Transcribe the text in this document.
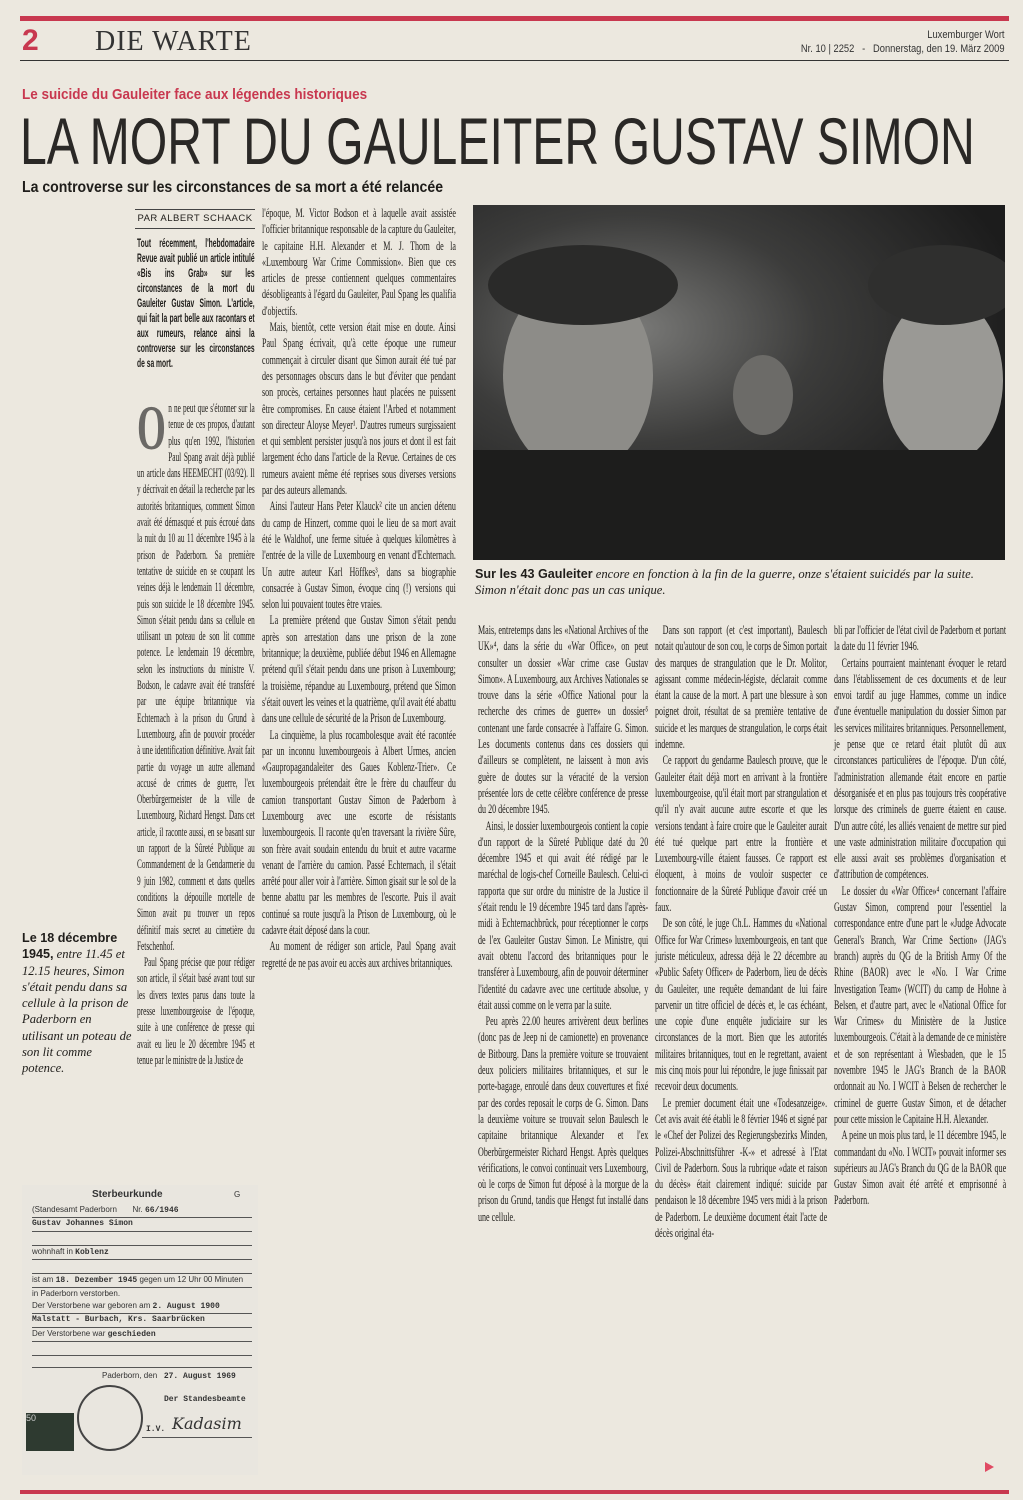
2 DIE WARTE	Luxemburger Wort
Nr. 10 | 2252 - Donnerstag, den 19. März 2009
Le suicide du Gauleiter face aux légendes historiques
LA MORT DU GAULEITER GUSTAV SIMON
La controverse sur les circonstances de sa mort a été relancée
PAR ALBERT SCHAACK
Tout récemment, l'hebdomadaire Revue avait publié un article intitulé «Bis ins Grab» sur les circonstances de la mort du Gauleiter Gustav Simon. L'article, qui fait la part belle aux racontars et aux rumeurs, relance ainsi la controverse sur les circonstances de sa mort.
O n ne peut que s'étonner sur la tenue de ces propos, d'autant plus qu'en 1992, l'historien Paul Spang avait déjà publié un article dans HEEMECHT (03/92). Il y décrivait en détail la recherche par les autorités britanniques, comment Simon avait été démasqué et puis écroué dans la nuit du 10 au 11 décembre 1945 à la prison de Paderborn. Sa première tentative de suicide en se coupant les veines déjà le lendemain 11 décembre, puis son suicide le 18 décembre 1945. Simon s'était pendu dans sa cellule en utilisant un poteau de son lit comme potence. Le lendemain 19 décembre, selon les instructions du ministre V. Bodson, le cadavre avait été transféré par une équipe britannique via Echternach à la prison du Grund à Luxembourg, afin de pouvoir procéder à une identification définitive. Avait fait partie du voyage un autre allemand accusé de crimes de guerre, l'ex Oberbürgermeister de la ville de Luxembourg, Richard Hengst. Dans cet article, il raconte aussi, en se basant sur un rapport de la Sûreté Publique au Commandement de la Gendarmerie du 9 juin 1982, comment et dans quelles conditions la dépouille mortelle de Simon avait pu trouver un repos définitif mais secret au cimetière du Fetschenhof.

Paul Spang précise que pour rédiger son article, il s'était basé avant tout sur les divers textes parus dans toute la presse luxembourgeoise de l'époque, suite à une conférence de presse qui avait eu lieu le 20 décembre 1945 et tenue par le ministre de la Justice de

Le 18 décembre 1945, entre 11.45 et 12.15 heures, Simon s'était pendu dans sa cellule à la prison de Paderborn en utilisant un poteau de son lit comme potence.

l'époque, M. Victor Bodson et à laquelle avait assistée l'officier britannique responsable de la capture du Gauleiter, le capitaine H.H. Alexander et M. J. Thorn de la «Luxembourg War Crime Commission». Bien que ces articles de presse contiennent quelques commentaires désobligeants à l'égard du Gauleiter, Paul Spang les qualifia d'objectifs.

Mais, bientôt, cette version était mise en doute. Ainsi Paul Spang écrivait, qu'à cette époque une rumeur commençait à circuler disant que Simon aurait été tué par des personnages obscurs dans le but d'éviter que pendant son procès, certaines personnes haut placées ne puissent être compromises. En cause étaient l'Arbed et notamment son directeur Aloyse Meyer¹. D'autres rumeurs surgissaient et qui semblent persister jusqu'à nos jours et dont il est fait largement écho dans l'article de la Revue. Certaines de ces rumeurs avaient même été reprises sous diverses versions par des auteurs allemands.

Ainsi l'auteur Hans Peter Klauck² cite un ancien détenu du camp de Hinzert, comme quoi le lieu de sa mort avait été le Waldhof, une ferme située à quelques kilomètres à l'entrée de la ville de Luxembourg en venant d'Echternach. Un autre auteur Karl Höffkes³, dans sa biographie consacrée à Gustav Simon, évoque cinq (!) versions qui selon lui pouvaient toutes être vraies.

La première prétend que Gustav Simon s'était pendu après son arrestation dans une prison de la zone britannique; la deuxième, publiée début 1946 en Allemagne prétend qu'il s'était pendu dans une prison à Luxembourg; la troisième, répandue au Luxembourg, prétend que Simon s'était ouvert les veines et la quatrième, qu'il avait été abattu dans une cellule de sécurité de la Prison de Luxembourg.

La cinquième, la plus rocambolesque avait été racontée par un inconnu luxembourgeois à Albert Urmes, ancien «Gaupropagandaleiter des Gaues Koblenz-Trier». Ce luxembourgeois prétendait être le frère du chauffeur du camion transportant Gustav Simon de Paderborn à Luxembourg avec une escorte de résistants luxembourgeois. Il raconte qu'en traversant la rivière Sûre, son frère avait soudain entendu du bruit et autre vacarme venant de l'arrière du camion. Passé Echternach, il s'était arrêté pour aller voir à l'arrière. Simon gisait sur le sol de la benne abattu par les membres de l'escorte. Puis il avait continué sa route jusqu'à la Prison de Luxembourg, où le cadavre était déposé dans la cour.

Au moment de rédiger son article, Paul Spang avait regretté de ne pas avoir eu accès aux archives britanniques.

Sur les 43 Gauleiter encore en fonction à la fin de la guerre, onze s'étaient suicidés par la suite. Simon n'était donc pas un cas unique.

Mais, entretemps dans les «National Archives of the UK»⁴, dans la série du «War Office», on peut consulter un dossier «War crime case Gustav Simon». A Luxembourg, aux Archives Nationales se trouve dans la série «Office National pour la recherche des crimes de guerre» un dossier⁵ contenant une farde consacrée à l'affaire G. Simon. Les documents contenus dans ces dossiers qui d'ailleurs se complètent, ne laissent à mon avis guère de doutes sur la véracité de la version présentée lors de cette célèbre conférence de presse du 20 décembre 1945.

Ainsi, le dossier luxembourgeois contient la copie d'un rapport de la Sûreté Publique daté du 20 décembre 1945 et qui avait été rédigé par le maréchal de logis-chef Corneille Baulesch. Celui-ci rapporta que sur ordre du ministre de la Justice il s'était rendu le 19 décembre 1945 tard dans l'après-midi à Echternachbrück, pour réceptionner le corps de l'ex Gauleiter Gustav Simon. Le Ministre, qui avait obtenu l'accord des britanniques pour le transférer à Luxembourg, afin de pouvoir déterminer l'identité du cadavre avec une certitude absolue, y était aussi comme on le verra par la suite.

Peu après 22.00 heures arrivèrent deux berlines (donc pas de Jeep ni de camionette) en provenance de Bitbourg. Dans la première voiture se trouvaient deux policiers militaires britanniques, et sur le porte-bagage, enroulé dans deux couvertures et fixé par des cordes reposait le corps de G. Simon. Dans la deuxième voiture se trouvait selon Baulesch le capitaine britannique Alexander et l'ex Oberbürgermeister Richard Hengst. Après quelques vérifications, le convoi continuait vers Luxembourg, où le corps de Simon fut déposé à la morgue de la prison du Grund, tandis que Hengst fut installé dans une cellule.

Dans son rapport (et c'est important), Baulesch notait qu'autour de son cou, le corps de Simon portait des marques de strangulation que le Dr. Molitor, agissant comme médecin-légiste, déclarait comme étant la cause de la mort. A part une blessure à son poignet droit, résultat de sa première tentative de suicide et les marques de strangulation, le corps était indemne.

Ce rapport du gendarme Baulesch prouve, que le Gauleiter était déjà mort en arrivant à la frontière luxembourgeoise, qu'il était mort par strangulation et qu'il n'y avait aucune autre escorte et que les versions tendant à faire croire que le Gauleiter aurait été tué quelque part entre la frontière et Luxembourg-ville étaient fausses. Ce rapport est éloquent, à moins de vouloir suspecter ce fonctionnaire de la Sûreté Publique d'avoir créé un faux.

De son côté, le juge Ch.L. Hammes du «National Office for War Crimes» luxembourgeois, en tant que juriste méticuleux, adressa déjà le 22 décembre au «Public Safety Officer» de Paderborn, lieu de décès du Gauleiter, une requête demandant de lui faire parvenir un titre officiel de décès et, le cas échéant, une copie d'une enquête judiciaire sur les circonstances de la mort. Bien que les autorités militaires britanniques, tout en le regrettant, avaient mis cinq mois pour lui répondre, le juge finissait par recevoir deux documents.

Le premier document était une «Todesanzeige». Cet avis avait été établi le 8 février 1946 et signé par le «Chef der Polizei des Regierungsbezirks Minden, Polizei-Abschnittsführer -K-» et adressé à l'Etat Civil de Paderborn. Sous la rubrique «date et raison du décès» était clairement indiqué: suicide par pendaison le 18 décembre 1945 vers midi à la prison de Paderborn. Le deuxième document était l'acte de décès original éta-

bli par l'officier de l'état civil de Paderborn et portant la date du 11 février 1946.

Certains pourraient maintenant évoquer le retard dans l'établissement de ces documents et de leur envoi tardif au juge Hammes, comme un indice d'une éventuelle manipulation du dossier Simon par les services militaires britanniques. Personnellement, je pense que ce retard était plutôt dû aux circonstances particulières de l'époque. D'un côté, l'administration allemande était encore en partie désorganisée et en plus pas toujours très coopérative lorsque des criminels de guerre étaient en cause. D'un autre côté, les alliés venaient de mettre sur pied une vaste administration militaire d'occupation qui elle aussi avait ses problèmes d'organisation et d'attribution de compétences.

Le dossier du «War Office»⁴ concernant l'affaire Gustav Simon, comprend pour l'essentiel la correspondance entre d'une part le «Judge Advocate General's Branch, War Crime Section» (JAG's branch) auprès du QG de la British Army Of the Rhine (BAOR) avec le «No. I War Crime Investigation Team» (WCIT) du camp de Hohne à Belsen, et d'autre part, avec le «National Office for War Crimes» du Ministère de la Justice luxembourgeois. C'était à la demande de ce ministère et de son représentant à Wiesbaden, que le 15 novembre 1945 le JAG's Branch de la BAOR ordonnait au No. I WCIT à Belsen de rechercher le criminel de guerre Gustav Simon, et de détacher pour cette mission le Capitaine H.H. Alexander.

A peine un mois plus tard, le 11 décembre 1945, le commandant du «No. I WCIT» pouvait informer ses supérieurs au JAG's Branch du QG de la BAOR que Gustav Simon avait été arrêté et emprisonné à Paderborn.

Sterbeurkunde	G
(Standesamt Paderborn Nr. 66/1946
Gustav Johannes Simon
wohnhaft in Koblenz
ist am 18. Dezember 1945 gegen um 12 Uhr 00 Minuten
in Paderborn verstorben.
Der Verstorbene war geboren am 2. August 1900
Malstatt - Burbach, Krs. Saarbrücken
Der Verstorbene war geschieden
Paderborn, den 27. August 1969
50
Der Standesbeamte
I.V. Kadasim
